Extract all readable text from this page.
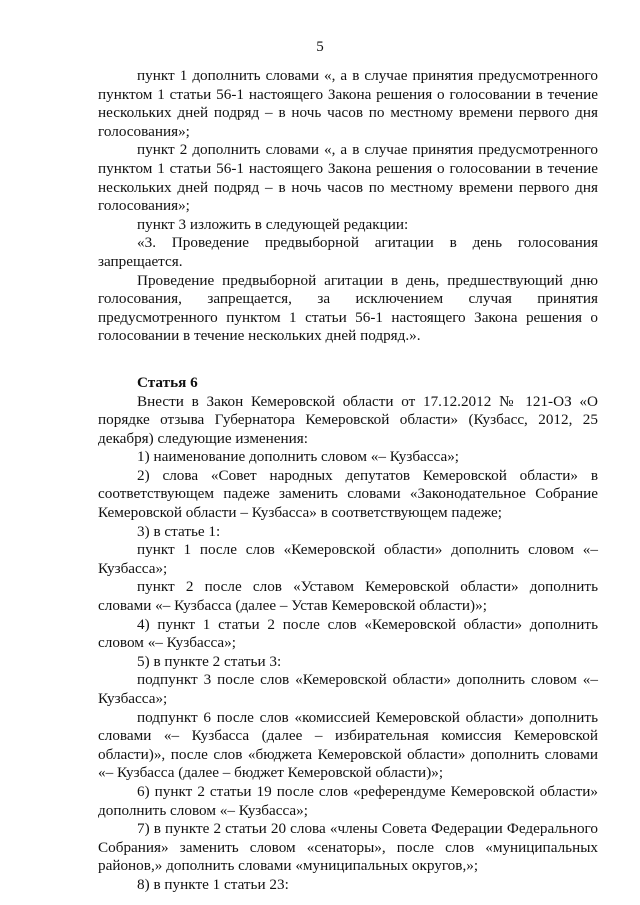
5

пункт 1 дополнить словами «, а в случае принятия предусмотренного пунктом 1 статьи 56-1 настоящего Закона решения о голосовании в течение нескольких дней подряд – в ночь часов по местному времени первого дня голосования»;

пункт 2 дополнить словами «, а в случае принятия предусмотренного пунктом 1 статьи 56-1 настоящего Закона решения о голосовании в течение нескольких дней подряд – в ночь часов по местному времени первого дня голосования»;

пункт 3 изложить в следующей редакции:

«3. Проведение предвыборной агитации в день голосования запрещается.

Проведение предвыборной агитации в день, предшествующий дню голосования, запрещается, за исключением случая принятия предусмотренного пунктом 1 статьи 56-1 настоящего Закона решения о голосовании в течение нескольких дней подряд.».

Статья 6

Внести в Закон Кемеровской области от 17.12.2012 № 121-ОЗ «О порядке отзыва Губернатора Кемеровской области» (Кузбасс, 2012, 25 декабря) следующие изменения:

1) наименование дополнить словом «– Кузбасса»;

2) слова «Совет народных депутатов Кемеровской области» в соответствующем падеже заменить словами «Законодательное Собрание Кемеровской области – Кузбасса» в соответствующем падеже;

3) в статье 1:

пункт 1 после слов «Кемеровской области» дополнить словом «– Кузбасса»;

пункт 2 после слов «Уставом Кемеровской области» дополнить словами «– Кузбасса (далее – Устав Кемеровской области)»;

4) пункт 1 статьи 2 после слов «Кемеровской области» дополнить словом «– Кузбасса»;

5) в пункте 2 статьи 3:

подпункт 3 после слов «Кемеровской области» дополнить словом «– Кузбасса»;

подпункт 6 после слов «комиссией Кемеровской области» дополнить словами «– Кузбасса (далее – избирательная комиссия Кемеровской области)», после слов «бюджета Кемеровской области» дополнить словами «– Кузбасса (далее – бюджет Кемеровской области)»;

6) пункт 2 статьи 19 после слов «референдуме Кемеровской области» дополнить словом «– Кузбасса»;

7) в пункте 2 статьи 20 слова «члены Совета Федерации Федерального Собрания» заменить словом «сенаторы», после слов «муниципальных районов,» дополнить словами «муниципальных округов,»;

8) в пункте 1 статьи 23:
